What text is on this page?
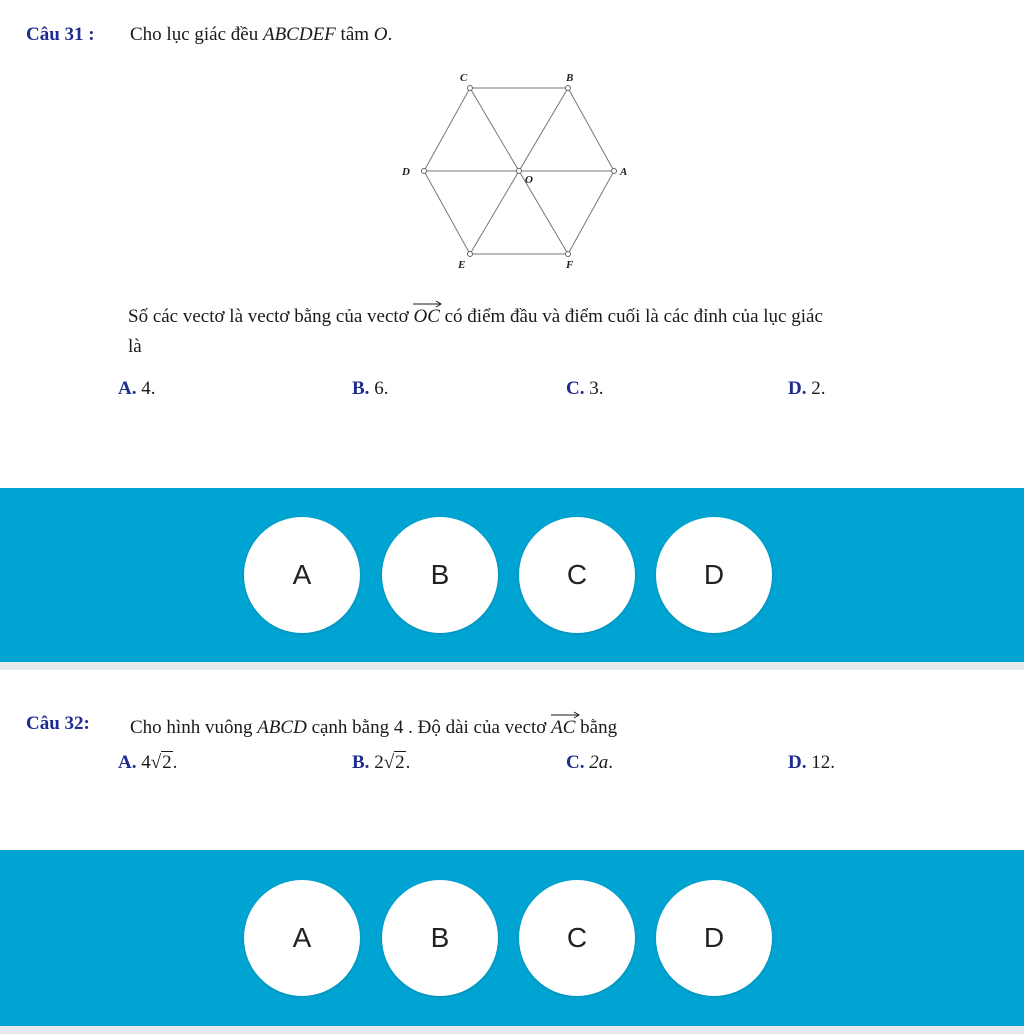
Câu 31 : Cho lục giác đều ABCDEF tâm O.
C	B
D	A
O
E	F
Số các vectơ là vectơ bằng của vectơ OC có điểm đầu và điểm cuối là các đỉnh của lục giác
là
A. 4.	B. 6.	C. 3.	D. 2.
A	B	C	D
Câu 32: Cho hình vuông ABCD cạnh bằng 4 . Độ dài của vectơ AC bằng
A. 4√2.	B. 2√2.	C. 2a.	D. 12.
A	B	C	D
